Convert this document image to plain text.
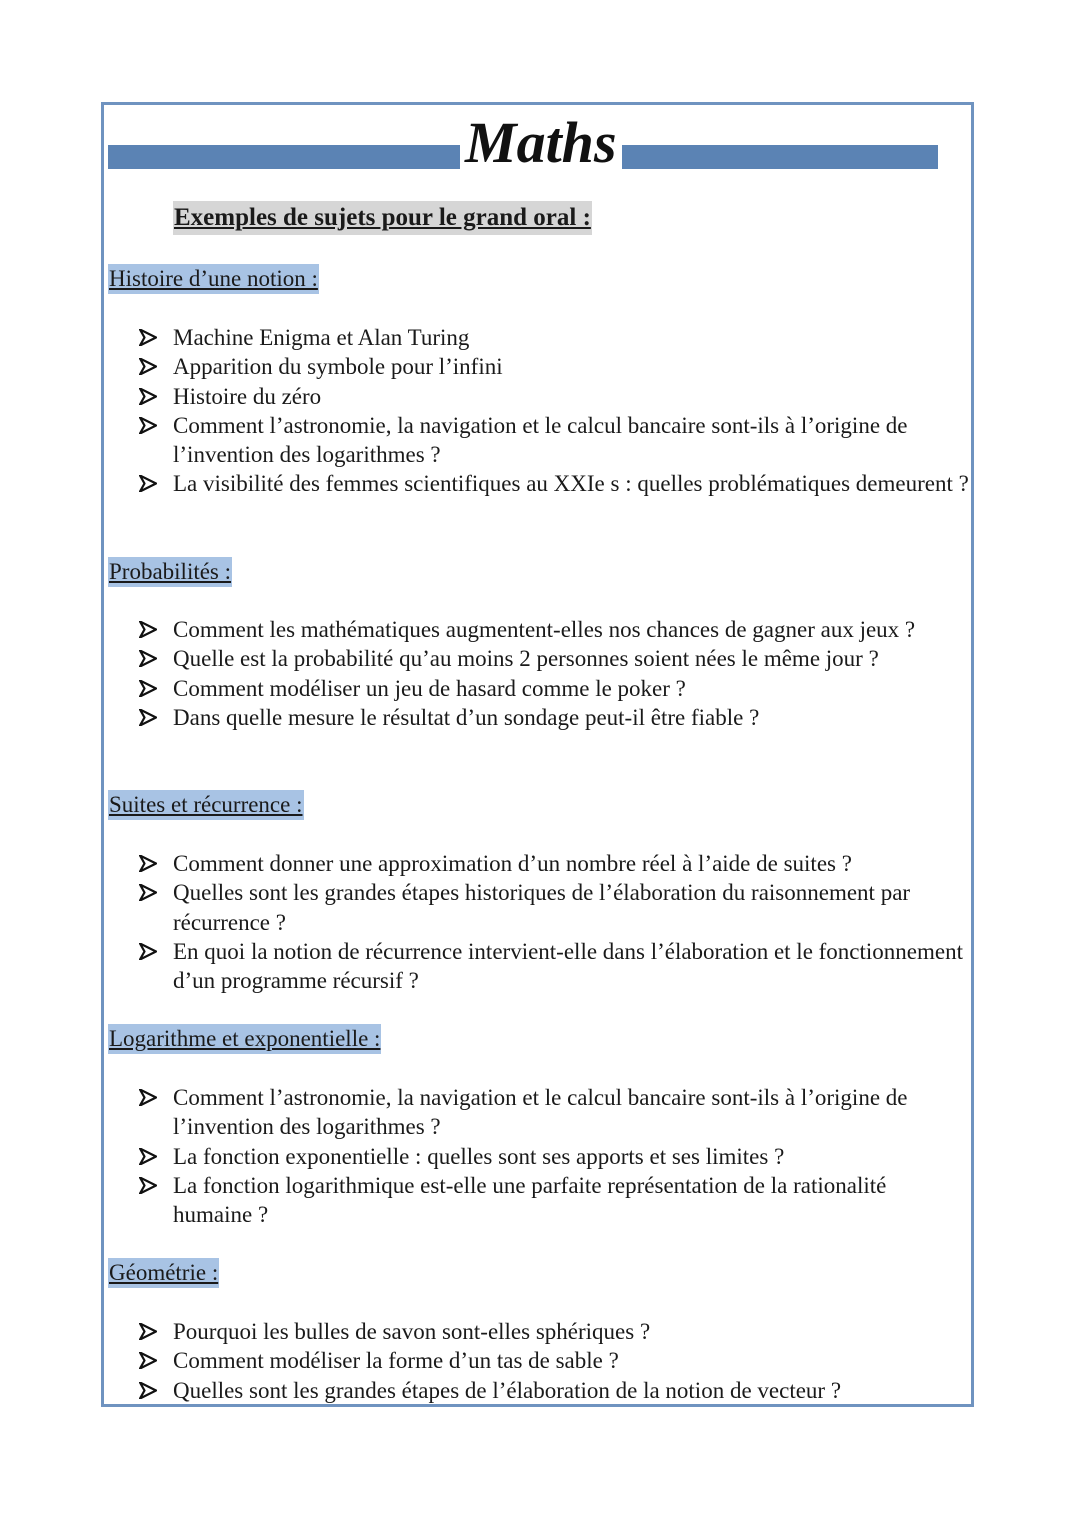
Maths
Exemples de sujets pour le grand oral :
Histoire d’une notion :
Machine Enigma et Alan Turing
Apparition du symbole pour l’infini
Histoire du zéro
Comment l’astronomie, la navigation et le calcul bancaire sont-ils à l’origine de l’invention des logarithmes ?
La visibilité des femmes scientifiques au XXIe s : quelles problématiques demeurent ?
Probabilités :
Comment les mathématiques augmentent-elles nos chances de gagner aux jeux ?
Quelle est la probabilité qu’au moins 2 personnes soient nées le même jour ?
Comment modéliser un jeu de hasard comme le poker ?
Dans quelle mesure le résultat d’un sondage peut-il être fiable ?
Suites et récurrence :
Comment donner une approximation d’un nombre réel à l’aide de suites ?
Quelles sont les grandes étapes historiques de l’élaboration du raisonnement par récurrence ?
En quoi la notion de récurrence intervient-elle dans l’élaboration et le fonctionnement d’un programme récursif ?
Logarithme et exponentielle :
Comment l’astronomie, la navigation et le calcul bancaire sont-ils à l’origine de l’invention des logarithmes ?
La fonction exponentielle : quelles sont ses apports et ses limites ?
La fonction logarithmique est-elle une parfaite représentation de la rationalité humaine ?
Géométrie :
Pourquoi les bulles de savon sont-elles sphériques ?
Comment modéliser la forme d’un tas de sable ?
Quelles sont les grandes étapes de l’élaboration de la notion de vecteur ?
